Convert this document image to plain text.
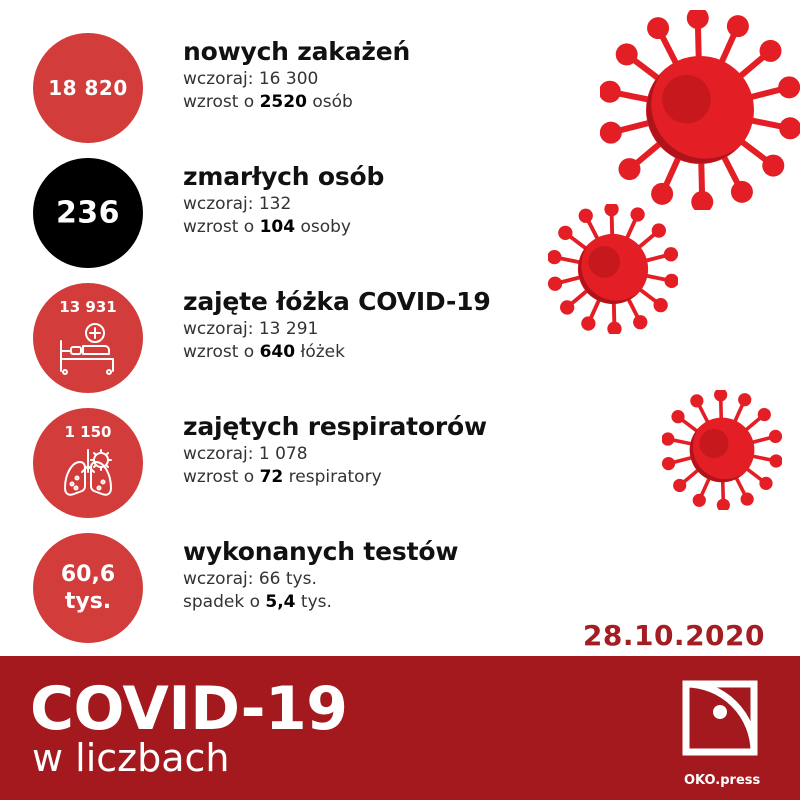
18 820
nowych zakażeń
wczoraj: 16 300
wzrost o 2520 osób
236
zmarłych osób
wczoraj: 132
wzrost o 104 osoby
13 931	zajęte łóżka COVID-19
wczoraj: 13 291
wzrost o 640 łóżek
1 150	zajętych respiratorów
wczoraj: 1 078
wzrost o 72 respiratory
60,6
tys.
wykonanych testów
wczoraj: 66 tys.
spadek o 5,4 tys.
28.10.2020
COVID-19
w liczbach
OKO.press
